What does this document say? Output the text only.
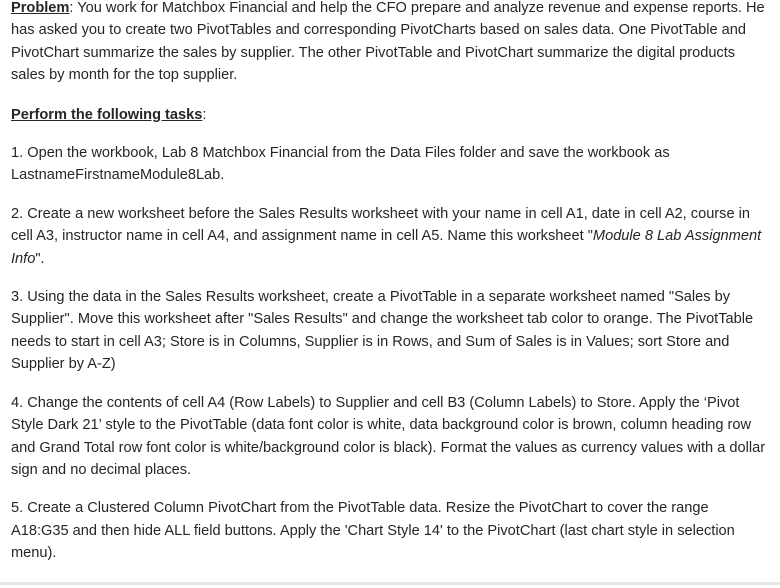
Problem: You work for Matchbox Financial and help the CFO prepare and analyze revenue and expense reports. He has asked you to create two PivotTables and corresponding PivotCharts based on sales data. One PivotTable and PivotChart summarize the sales by supplier. The other PivotTable and PivotChart summarize the digital products sales by month for the top supplier.

Perform the following tasks:

1. Open the workbook, Lab 8 Matchbox Financial from the Data Files folder and save the workbook as LastnameFirstnameModule8Lab.

2. Create a new worksheet before the Sales Results worksheet with your name in cell A1, date in cell A2, course in cell A3, instructor name in cell A4, and assignment name in cell A5. Name this worksheet "Module 8 Lab Assignment Info".

3. Using the data in the Sales Results worksheet, create a PivotTable in a separate worksheet named "Sales by Supplier". Move this worksheet after "Sales Results" and change the worksheet tab color to orange. The PivotTable needs to start in cell A3; Store is in Columns, Supplier is in Rows, and Sum of Sales is in Values; sort Store and Supplier by A-Z)

4. Change the contents of cell A4 (Row Labels) to Supplier and cell B3 (Column Labels) to Store. Apply the ‘Pivot Style Dark 21’ style to the PivotTable (data font color is white, data background color is brown, column heading row and Grand Total row font color is white/background color is black). Format the values as currency values with a dollar sign and no decimal places.

5. Create a Clustered Column PivotChart from the PivotTable data. Resize the PivotChart to cover the range A18:G35 and then hide ALL field buttons. Apply the 'Chart Style 14' to the PivotChart (last chart style in selection menu).
